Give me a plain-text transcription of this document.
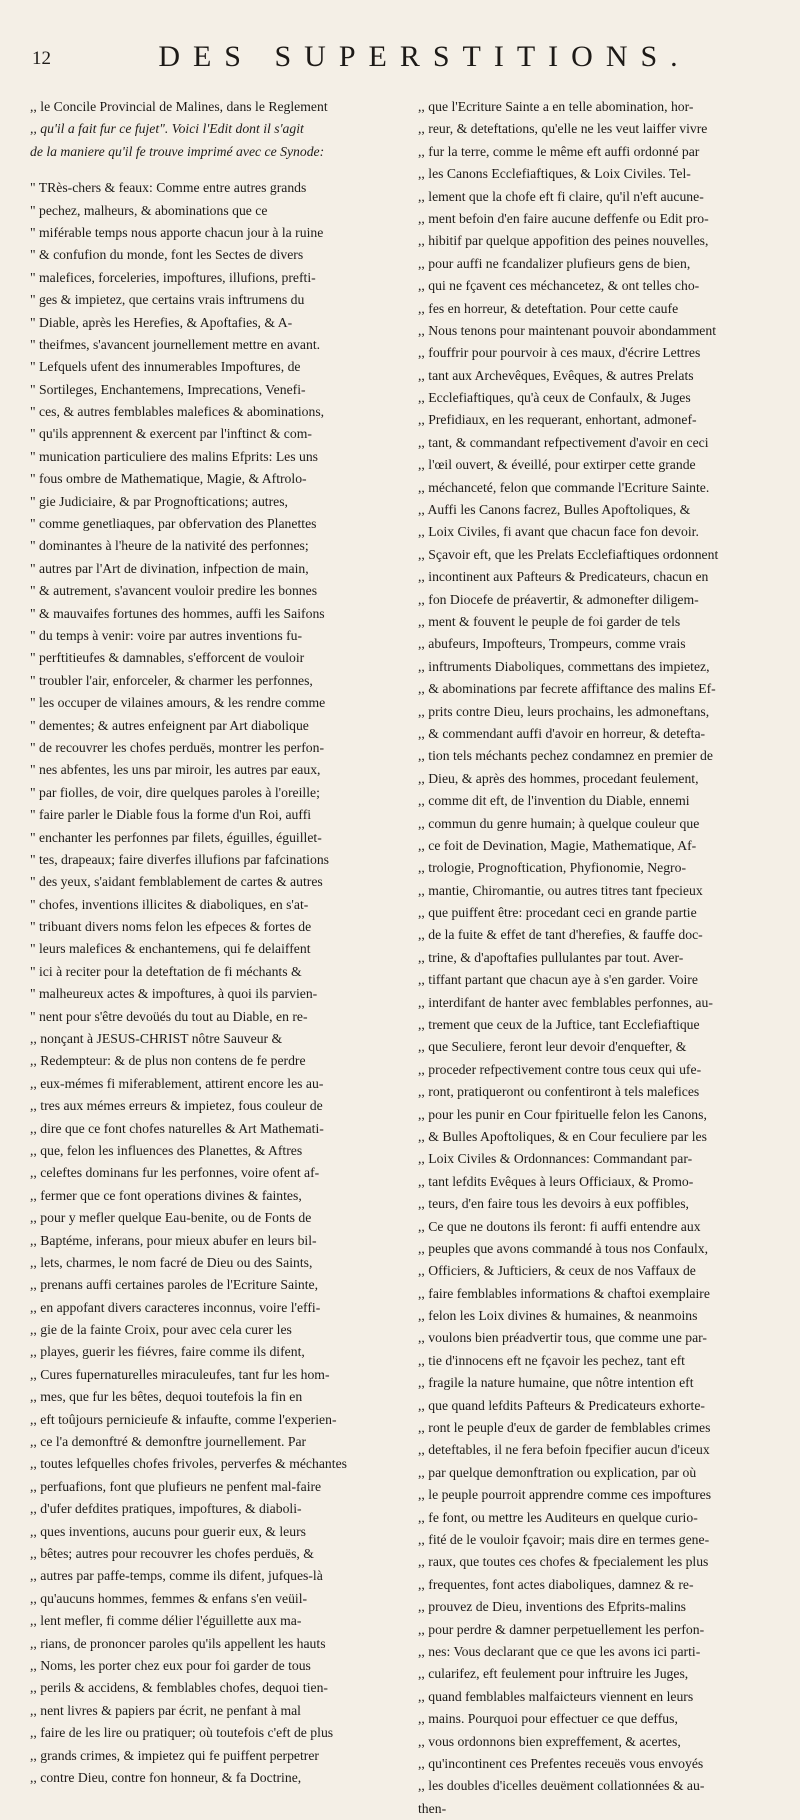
12	DES SUPERSTITIONS.
,, le Concile Provincial de Malines, dans le Reglement
,, qu'il a fait fur ce fujet". Voici l'Edit dont il s'agit
de la maniere qu'il fe trouve imprimé avec ce Synode:
" TRès-chers & feaux: Comme entre autres grands
" pechez, malheurs, & abominations que ce
" miférable temps nous apporte chacun jour à la ruine
" & confufion du monde, font les Sectes de divers
" malefices, forceleries, impoftures, illufions, prefti-
" ges & impietez, que certains vrais inftrumens du
" Diable, après les Herefies, & Apoftafies, & A-
" theifmes, s'avancent journellement mettre en avant.
" Lefquels ufent des innumerables Impoftures, de
" Sortileges, Enchantemens, Imprecations, Venefi-
" ces, & autres femblables malefices & abominations,
" qu'ils apprennent & exercent par l'inftinct & com-
" munication particuliere des malins Efprits: Les uns
" fous ombre de Mathematique, Magie, & Aftrolo-
" gie Judiciaire, & par Prognoftications; autres,
" comme genetliaques, par obfervation des Planettes
" dominantes à l'heure de la nativité des perfonnes;
" autres par l'Art de divination, infpection de main,
" & autrement, s'avancent vouloir predire les bonnes
" & mauvaifes fortunes des hommes, auffi les Saifons
" du temps à venir: voire par autres inventions fu-
" perftitieufes & damnables, s'efforcent de vouloir
" troubler l'air, enforceler, & charmer les perfonnes,
" les occuper de vilaines amours, & les rendre comme
" dementes; & autres enfeignent par Art diabolique
" de recouvrer les chofes perduës, montrer les perfon-
" nes abfentes, les uns par miroir, les autres par eaux,
" par fiolles, de voir, dire quelques paroles à l'oreille;
" faire parler le Diable fous la forme d'un Roi, auffi
" enchanter les perfonnes par filets, éguilles, éguillet-
" tes, drapeaux; faire diverfes illufions par fafcinations
" des yeux, s'aidant femblablement de cartes & autres
" chofes, inventions illicites & diaboliques, en s'at-
" tribuant divers noms felon les efpeces & fortes de
" leurs malefices & enchantemens, qui fe delaiffent
" ici à reciter pour la deteftation de fi méchants &
" malheureux actes & impoftures, à quoi ils parvien-
" nent pour s'être devoüés du tout au Diable, en re-
,, nonçant à JESUS-CHRIST nôtre Sauveur &
,, Redempteur: & de plus non contens de fe perdre
,, eux-mémes fi miferablement, attirent encore les au-
,, tres aux mémes erreurs & impietez, fous couleur de
,, dire que ce font chofes naturelles & Art Mathemati-
,, que, felon les influences des Planettes, & Aftres
,, celeftes dominans fur les perfonnes, voire ofent af-
,, fermer que ce font operations divines & faintes,
,, pour y mefler quelque Eau-benite, ou de Fonts de
,, Baptéme, inferans, pour mieux abufer en leurs bil-
,, lets, charmes, le nom facré de Dieu ou des Saints,
,, prenans auffi certaines paroles de l'Ecriture Sainte,
,, en appofant divers caracteres inconnus, voire l'effi-
,, gie de la fainte Croix, pour avec cela curer les
,, playes, guerir les fiévres, faire comme ils difent,
,, Cures fupernaturelles miraculeufes, tant fur les hom-
,, mes, que fur les bêtes, dequoi toutefois la fin en
,, eft toûjours pernicieufe & infaufte, comme l'experien-
,, ce l'a demonftré & demonftre journellement. Par
,, toutes lefquelles chofes frivoles, perverfes & méchantes
,, perfuafions, font que plufieurs ne penfent mal-faire
,, d'ufer defdites pratiques, impoftures, & diaboli-
,, ques inventions, aucuns pour guerir eux, & leurs
,, bêtes; autres pour recouvrer les chofes perduës, &
,, autres par paffe-temps, comme ils difent, jufques-là
,, qu'aucuns hommes, femmes & enfans s'en veüil-
,, lent mefler, fi comme délier l'éguillette aux ma-
,, rians, de prononcer paroles qu'ils appellent les hauts
,, Noms, les porter chez eux pour foi garder de tous
,, perils & accidens, & femblables chofes, dequoi tien-
,, nent livres & papiers par écrit, ne penfant à mal
,, faire de les lire ou pratiquer; où toutefois c'eft de plus
,, grands crimes, & impietez qui fe puiffent perpetrer
,, contre Dieu, contre fon honneur, & fa Doctrine,
,, que l'Ecriture Sainte a en telle abomination, hor-
,, reur, & deteftations, qu'elle ne les veut laiffer vivre
,, fur la terre, comme le même eft auffi ordonné par
,, les Canons Ecclefiaftiques, & Loix Civiles. Tel-
,, lement que la chofe eft fi claire, qu'il n'eft aucune-
,, ment befoin d'en faire aucune deffenfe ou Edit pro-
,, hibitif par quelque appofition des peines nouvelles,
,, pour auffi ne fcandalizer plufieurs gens de bien,
,, qui ne fçavent ces méchancetez, & ont telles cho-
,, fes en horreur, & deteftation. Pour cette caufe
,, Nous tenons pour maintenant pouvoir abondamment
,, fouffrir pour pourvoir à ces maux, d'écrire Lettres
,, tant aux Archevêques, Evêques, & autres Prelats
,, Ecclefiaftiques, qu'à ceux de Confaulx, & Juges
,, Prefidiaux, en les requerant, enhortant, admonef-
,, tant, & commandant refpectivement d'avoir en ceci
,, l'œil ouvert, & éveillé, pour extirper cette grande
,, méchanceté, felon que commande l'Ecriture Sainte.
,, Auffi les Canons facrez, Bulles Apoftoliques, &
,, Loix Civiles, fi avant que chacun face fon devoir.
,, Sçavoir eft, que les Prelats Ecclefiaftiques ordonnent
,, incontinent aux Pafteurs & Predicateurs, chacun en
,, fon Diocefe de préavertir, & admonefter diligem-
,, ment & fouvent le peuple de foi garder de tels
,, abufeurs, Impofteurs, Trompeurs, comme vrais
,, inftruments Diaboliques, commettans des impietez,
,, & abominations par fecrete affiftance des malins Ef-
,, prits contre Dieu, leurs prochains, les admoneftans,
,, & commendant auffi d'avoir en horreur, & detefta-
,, tion tels méchants pechez condamnez en premier de
,, Dieu, & après des hommes, procedant feulement,
,, comme dit eft, de l'invention du Diable, ennemi
,, commun du genre humain; à quelque couleur que
,, ce foit de Devination, Magie, Mathematique, Af-
,, trologie, Prognoftication, Phyfionomie, Negro-
,, mantie, Chiromantie, ou autres titres tant fpecieux
,, que puiffent être: procedant ceci en grande partie
,, de la fuite & effet de tant d'herefies, & fauffe doc-
,, trine, & d'apoftafies pullulantes par tout. Aver-
,, tiffant partant que chacun aye à s'en garder. Voire
,, interdifant de hanter avec femblables perfonnes, au-
,, trement que ceux de la Juftice, tant Ecclefiaftique
,, que Seculiere, feront leur devoir d'enquefter, &
,, proceder refpectivement contre tous ceux qui ufe-
,, ront, pratiqueront ou confentiront à tels malefices
,, pour les punir en Cour fpirituelle felon les Canons,
,, & Bulles Apoftoliques, & en Cour feculiere par les
,, Loix Civiles & Ordonnances: Commandant par-
,, tant lefdits Evêques à leurs Officiaux, & Promo-
,, teurs, d'en faire tous les devoirs à eux poffibles,
,, Ce que ne doutons ils feront: fi auffi entendre aux
,, peuples que avons commandé à tous nos Confaulx,
,, Officiers, & Jufticiers, & ceux de nos Vaffaux de
,, faire femblables informations & chaftoi exemplaire
,, felon les Loix divines & humaines, & neanmoins
,, voulons bien préadvertir tous, que comme une par-
,, tie d'innocens eft ne fçavoir les pechez, tant eft
,, fragile la nature humaine, que nôtre intention eft
,, que quand lefdits Pafteurs & Predicateurs exhorte-
,, ront le peuple d'eux de garder de femblables crimes
,, deteftables, il ne fera befoin fpecifier aucun d'iceux
,, par quelque demonftration ou explication, par où
,, le peuple pourroit apprendre comme ces impoftures
,, fe font, ou mettre les Auditeurs en quelque curio-
,, fité de le vouloir fçavoir; mais dire en termes gene-
,, raux, que toutes ces chofes & fpecialement les plus
,, frequentes, font actes diaboliques, damnez & re-
,, prouvez de Dieu, inventions des Efprits-malins
,, pour perdre & damner perpetuellement les perfon-
,, nes: Vous declarant que ce que les avons ici parti-
,, cularifez, eft feulement pour inftruire les Juges,
,, quand femblables malfaicteurs viennent en leurs
,, mains. Pourquoi pour effectuer ce que deffus,
,, vous ordonnons bien expreffement, & acertes,
,, qu'incontinent ces Prefentes receuës vous envoyés
,, les doubles d'icelles deuëment collationnées & au-
then-
